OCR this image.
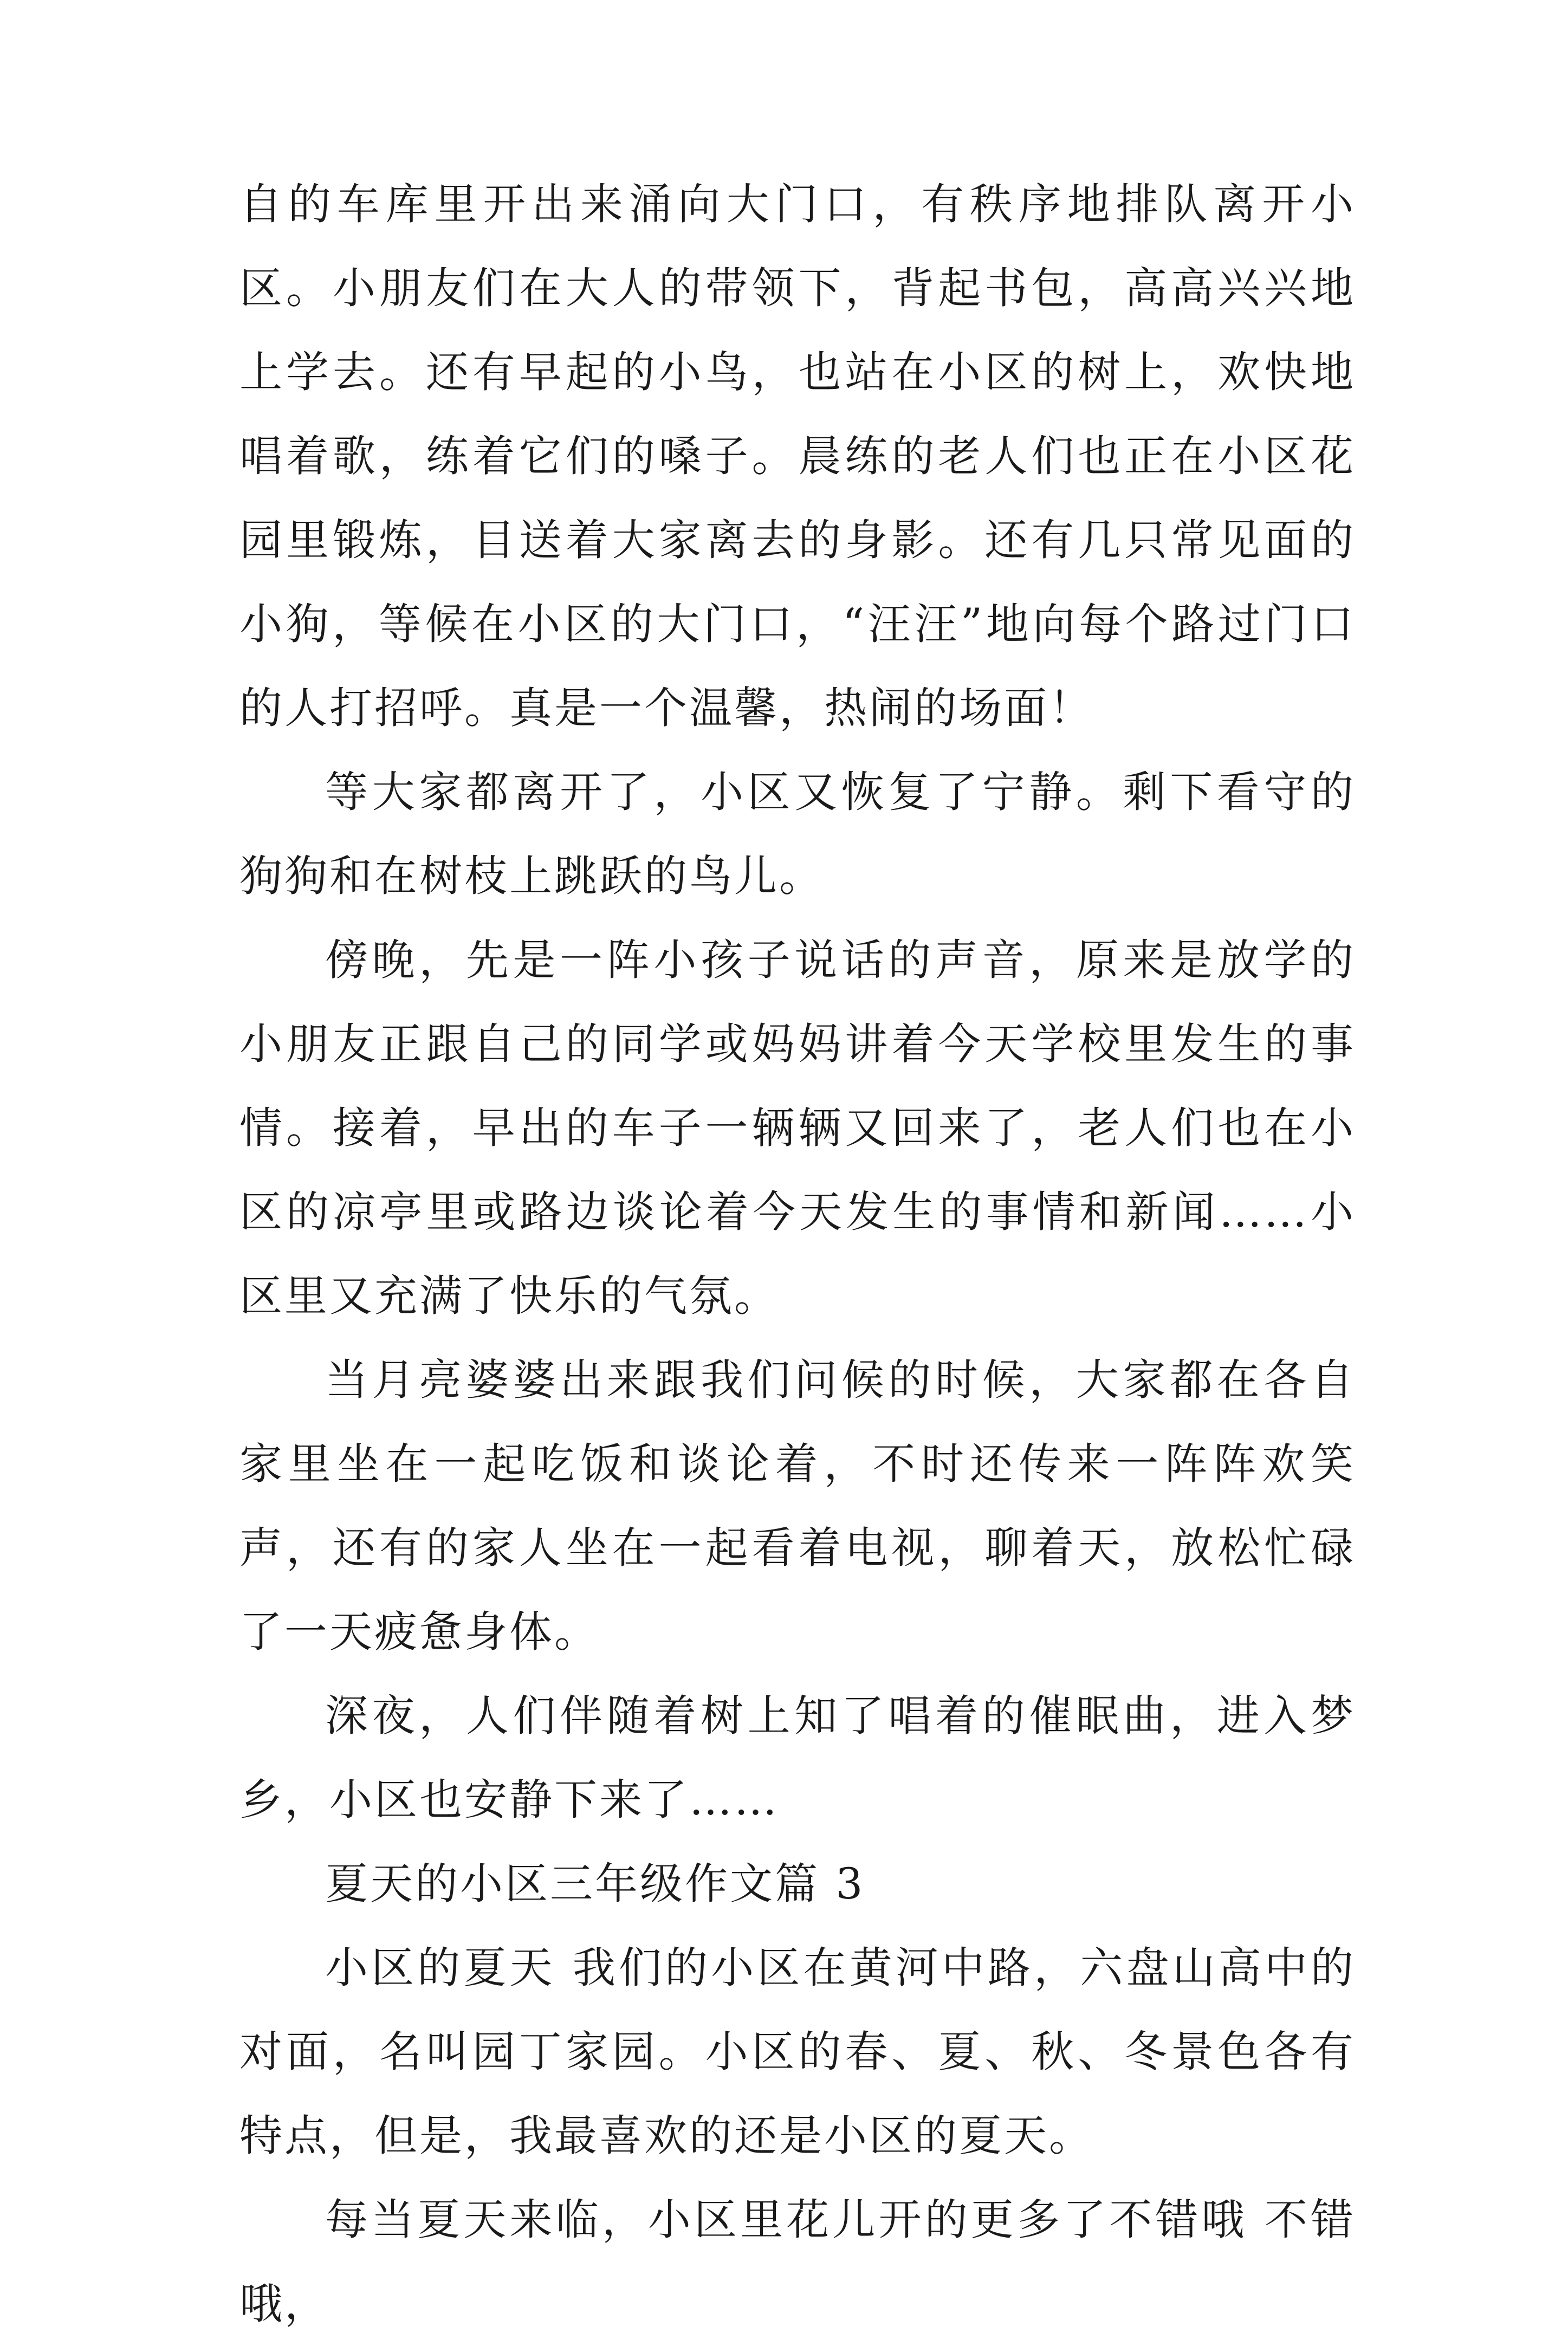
自的车库里开出来涌向大门口，有秩序地排队离开小区。小朋友们在大人的带领下，背起书包，高高兴兴地上学去。还有早起的小鸟，也站在小区的树上，欢快地唱着歌，练着它们的嗓子。晨练的老人们也正在小区花园里锻炼，目送着大家离去的身影。还有几只常见面的小狗，等候在小区的大门口，“汪汪”地向每个路过门口的人打招呼。真是一个温馨，热闹的场面！

等大家都离开了，小区又恢复了宁静。剩下看守的狗狗和在树枝上跳跃的鸟儿。

傍晚，先是一阵小孩子说话的声音，原来是放学的小朋友正跟自己的同学或妈妈讲着今天学校里发生的事情。接着，早出的车子一辆辆又回来了，老人们也在小区的凉亭里或路边谈论着今天发生的事情和新闻……小区里又充满了快乐的气氛。

当月亮婆婆出来跟我们问候的时候，大家都在各自家里坐在一起吃饭和谈论着，不时还传来一阵阵欢笑声，还有的家人坐在一起看着电视，聊着天，放松忙碌了一天疲惫身体。

深夜，人们伴随着树上知了唱着的催眠曲，进入梦乡，小区也安静下来了……

夏天的小区三年级作文篇 3

小区的夏天 我们的小区在黄河中路，六盘山高中的对面，名叫园丁家园。小区的春、夏、秋、冬景色各有特点，但是，我最喜欢的还是小区的夏天。

每当夏天来临，小区里花儿开的更多了不错哦 不错哦，
